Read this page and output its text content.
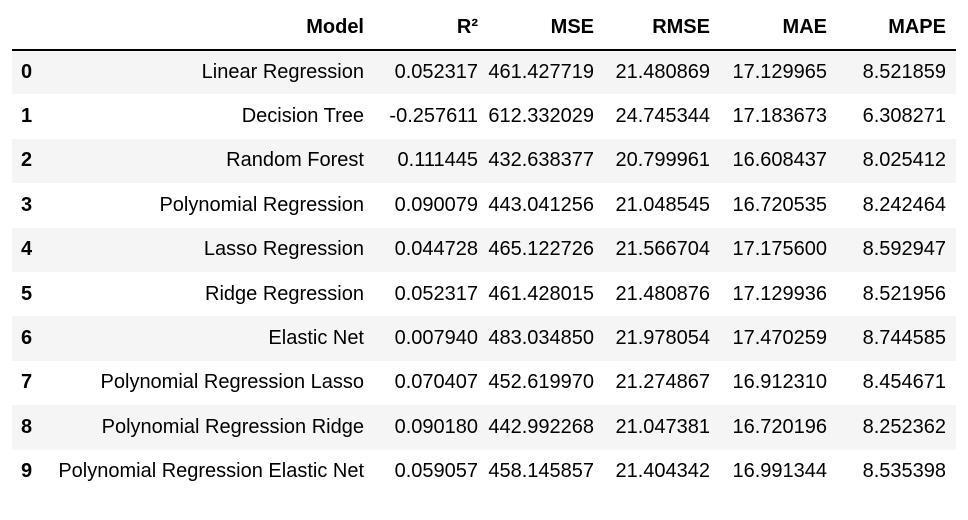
	Model	R²	MSE	RMSE	MAE	MAPE
0	Linear Regression	0.052317	461.427719	21.480869	17.129965	8.521859
1	Decision Tree	-0.257611	612.332029	24.745344	17.183673	6.308271
2	Random Forest	0.111445	432.638377	20.799961	16.608437	8.025412
3	Polynomial Regression	0.090079	443.041256	21.048545	16.720535	8.242464
4	Lasso Regression	0.044728	465.122726	21.566704	17.175600	8.592947
5	Ridge Regression	0.052317	461.428015	21.480876	17.129936	8.521956
6	Elastic Net	0.007940	483.034850	21.978054	17.470259	8.744585
7	Polynomial Regression Lasso	0.070407	452.619970	21.274867	16.912310	8.454671
8	Polynomial Regression Ridge	0.090180	442.992268	21.047381	16.720196	8.252362
9	Polynomial Regression Elastic Net	0.059057	458.145857	21.404342	16.991344	8.535398
